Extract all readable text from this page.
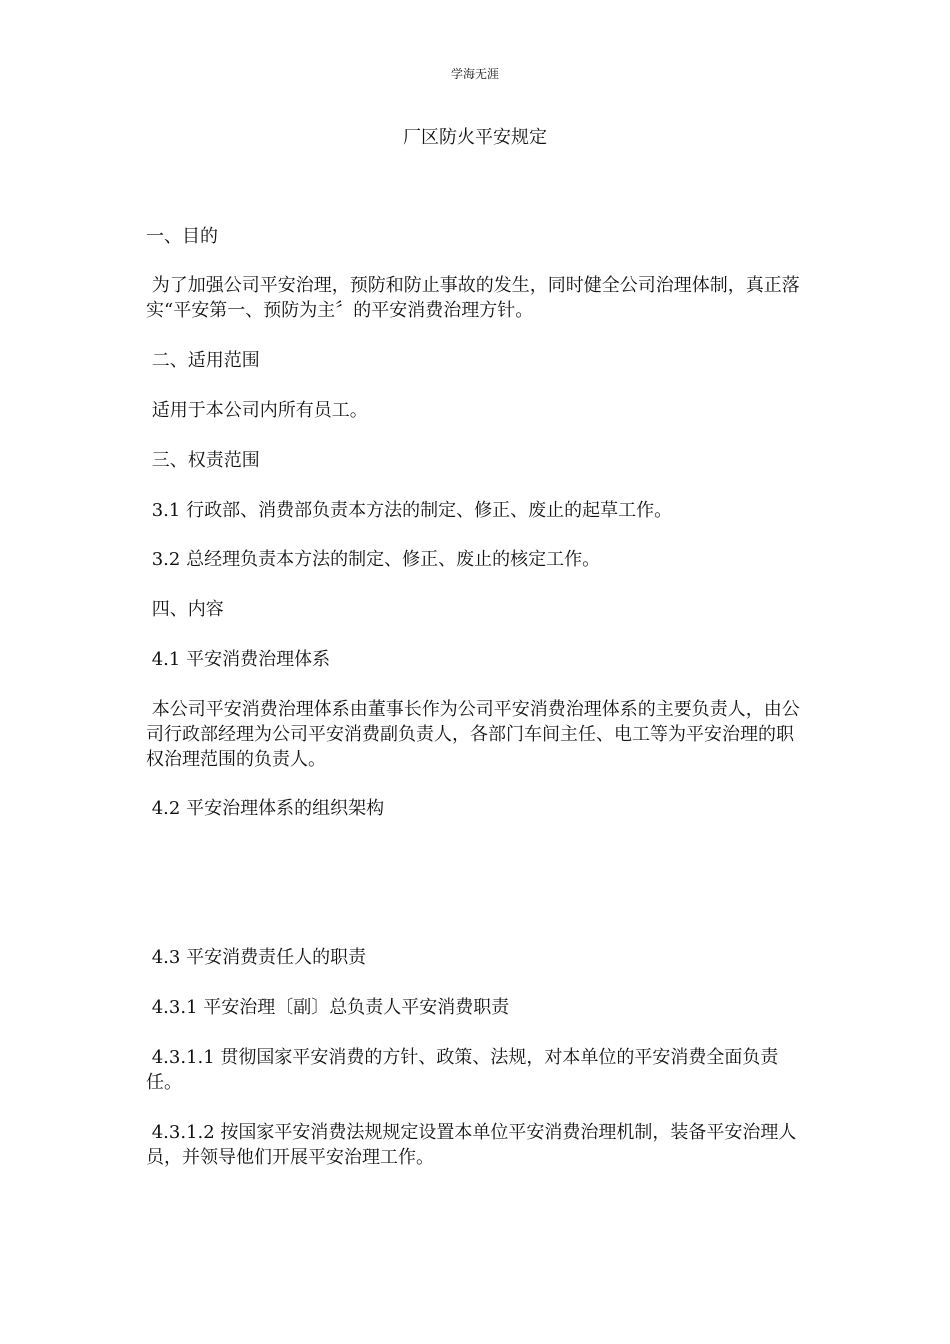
学海无涯
厂区防火平安规定

一、目的

为了加强公司平安治理，预防和防止事故的发生，同时健全公司治理体制，真正落实“平安第一、预防为主〞的平安消费治理方针。

二、适用范围

适用于本公司内所有员工。

三、权责范围

3.1 行政部、消费部负责本方法的制定、修正、废止的起草工作。

3.2 总经理负责本方法的制定、修正、废止的核定工作。

四、内容

4.1 平安消费治理体系

本公司平安消费治理体系由董事长作为公司平安消费治理体系的主要负责人，由公司行政部经理为公司平安消费副负责人，各部门车间主任、电工等为平安治理的职权治理范围的负责人。

4.2 平安治理体系的组织架构

4.3 平安消费责任人的职责

4.3.1 平安治理〔副〕总负责人平安消费职责

4.3.1.1 贯彻国家平安消费的方针、政策、法规，对本单位的平安消费全面负责任。

4.3.1.2 按国家平安消费法规规定设置本单位平安消费治理机制，装备平安治理人员，并领导他们开展平安治理工作。
